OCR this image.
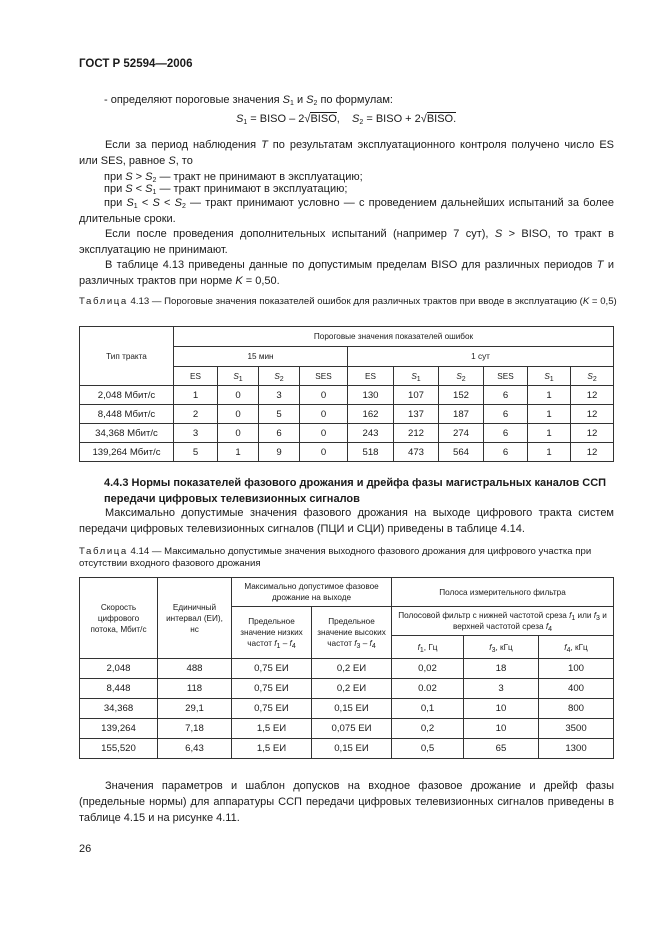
ГОСТ Р 52594—2006
- определяют пороговые значения $S_1$ и $S_2$ по формулам:
$S_1$ = BISO – 2√BISO,    $S_2$ = BISO + 2√BISO.
Если за период наблюдения T по результатам эксплуатационного контроля получено число ES или SES, равное S, то
при $S > S_2$ — тракт не принимают в эксплуатацию;
при $S < S_1$ — тракт принимают в эксплуатацию;
при $S_1 < S < S_2$ — тракт принимают условно — с проведением дальнейших испытаний за более длительные сроки.
Если после проведения дополнительных испытаний (например 7 сут), S > BISO, то тракт в эксплуатацию не принимают.
В таблице 4.13 приведены данные по допустимым пределам BISO для различных периодов T и различных трактов при норме K = 0,50.
Таблица 4.13 — Пороговые значения показателей ошибок для различных трактов при вводе в эксплуатацию (K = 0,5)
Тип тракта	Пороговые значения показателей ошибок									
	15 мин				1 сут					
	ES	$S_1$	$S_2$	SES	ES	$S_1$	$S_2$	SES	$S_1$	$S_2$
2,048 Мбит/с	1	0	3	0	130	107	152	6	1	12
8,448 Мбит/с	2	0	5	0	162	137	187	6	1	12
34,368 Мбит/с	3	0	6	0	243	212	274	6	1	12
139,264 Мбит/с	5	1	9	0	518	473	564	6	1	12
4.4.3 Нормы показателей фазового дрожания и дрейфа фазы магистральных каналов ССП передачи цифровых телевизионных сигналов
Максимально допустимые значения фазового дрожания на выходе цифрового тракта систем передачи цифровых телевизионных сигналов (ПЦИ и СЦИ) приведены в таблице 4.14.
Таблица 4.14 — Максимально допустимые значения выходного фазового дрожания для цифрового участка при отсутствии входного фазового дрожания
Скорость цифрового потока, Мбит/с	Единичный интервал (ЕИ), нс	Максимально допустимое фазовое дрожание на выходе		Полоса измерительного фильтра		
		Предельное значение низких частот $f_1 - f_4$	Предельное значение высоких частот $f_3 - f_4$	Полосовой фильтр с нижней частотой среза $f_1$ или $f_3$ и верхней частотой среза $f_4$
				$f_1$, Гц	$f_3$, кГц	$f_4$, кГц
2,048	488	0,75 ЕИ	0,2 ЕИ	0,02	18	100
8,448	118	0,75 ЕИ	0,2 ЕИ	0.02	3	400
34,368	29,1	0,75 ЕИ	0,15 ЕИ	0,1	10	800
139,264	7,18	1,5 ЕИ	0,075 ЕИ	0,2	10	3500
155,520	6,43	1,5 ЕИ	0,15 ЕИ	0,5	65	1300
Значения параметров и шаблон допусков на входное фазовое дрожание и дрейф фазы (предельные нормы) для аппаратуры ССП передачи цифровых телевизионных сигналов приведены в таблице 4.15 и на рисунке 4.11.
26
